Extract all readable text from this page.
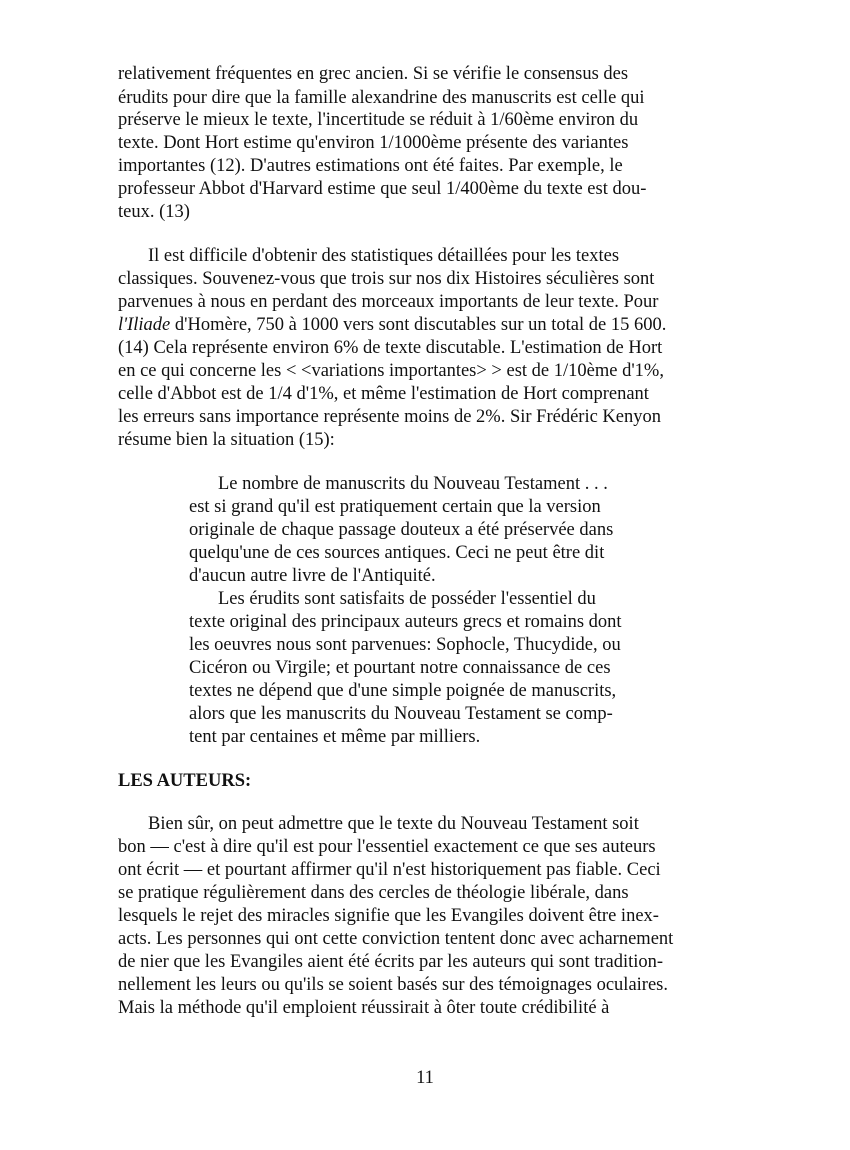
relativement fréquentes en grec ancien. Si se vérifie le consensus des
érudits pour dire que la famille alexandrine des manuscrits est celle qui
préserve le mieux le texte, l'incertitude se réduit à 1/60ème environ du
texte. Dont Hort estime qu'environ 1/1000ème présente des variantes
importantes (12). D'autres estimations ont été faites. Par exemple, le
professeur Abbot d'Harvard estime que seul 1/400ème du texte est dou-
teux. (13)
Il est difficile d'obtenir des statistiques détaillées pour les textes
classiques. Souvenez-vous que trois sur nos dix Histoires séculières sont
parvenues à nous en perdant des morceaux importants de leur texte. Pour
l'Iliade d'Homère, 750 à 1000 vers sont discutables sur un total de 15 600.
(14) Cela représente environ 6% de texte discutable. L'estimation de Hort
en ce qui concerne les < <variations importantes> > est de 1/10ème d'1%,
celle d'Abbot est de 1/4 d'1%, et même l'estimation de Hort comprenant
les erreurs sans importance représente moins de 2%. Sir Frédéric Kenyon
résume bien la situation (15):
Le nombre de manuscrits du Nouveau Testament . . .
est si grand qu'il est pratiquement certain que la version
originale de chaque passage douteux a été préservée dans
quelqu'une de ces sources antiques. Ceci ne peut être dit
d'aucun autre livre de l'Antiquité.
Les érudits sont satisfaits de posséder l'essentiel du
texte original des principaux auteurs grecs et romains dont
les oeuvres nous sont parvenues: Sophocle, Thucydide, ou
Cicéron ou Virgile; et pourtant notre connaissance de ces
textes ne dépend que d'une simple poignée de manuscrits,
alors que les manuscrits du Nouveau Testament se comp-
tent par centaines et même par milliers.
LES AUTEURS:
Bien sûr, on peut admettre que le texte du Nouveau Testament soit
bon — c'est à dire qu'il est pour l'essentiel exactement ce que ses auteurs
ont écrit — et pourtant affirmer qu'il n'est historiquement pas fiable. Ceci
se pratique régulièrement dans des cercles de théologie libérale, dans
lesquels le rejet des miracles signifie que les Evangiles doivent être inex-
acts. Les personnes qui ont cette conviction tentent donc avec acharnement
de nier que les Evangiles aient été écrits par les auteurs qui sont tradition-
nellement les leurs ou qu'ils se soient basés sur des témoignages oculaires.
Mais la méthode qu'il emploient réussirait à ôter toute crédibilité à
11
